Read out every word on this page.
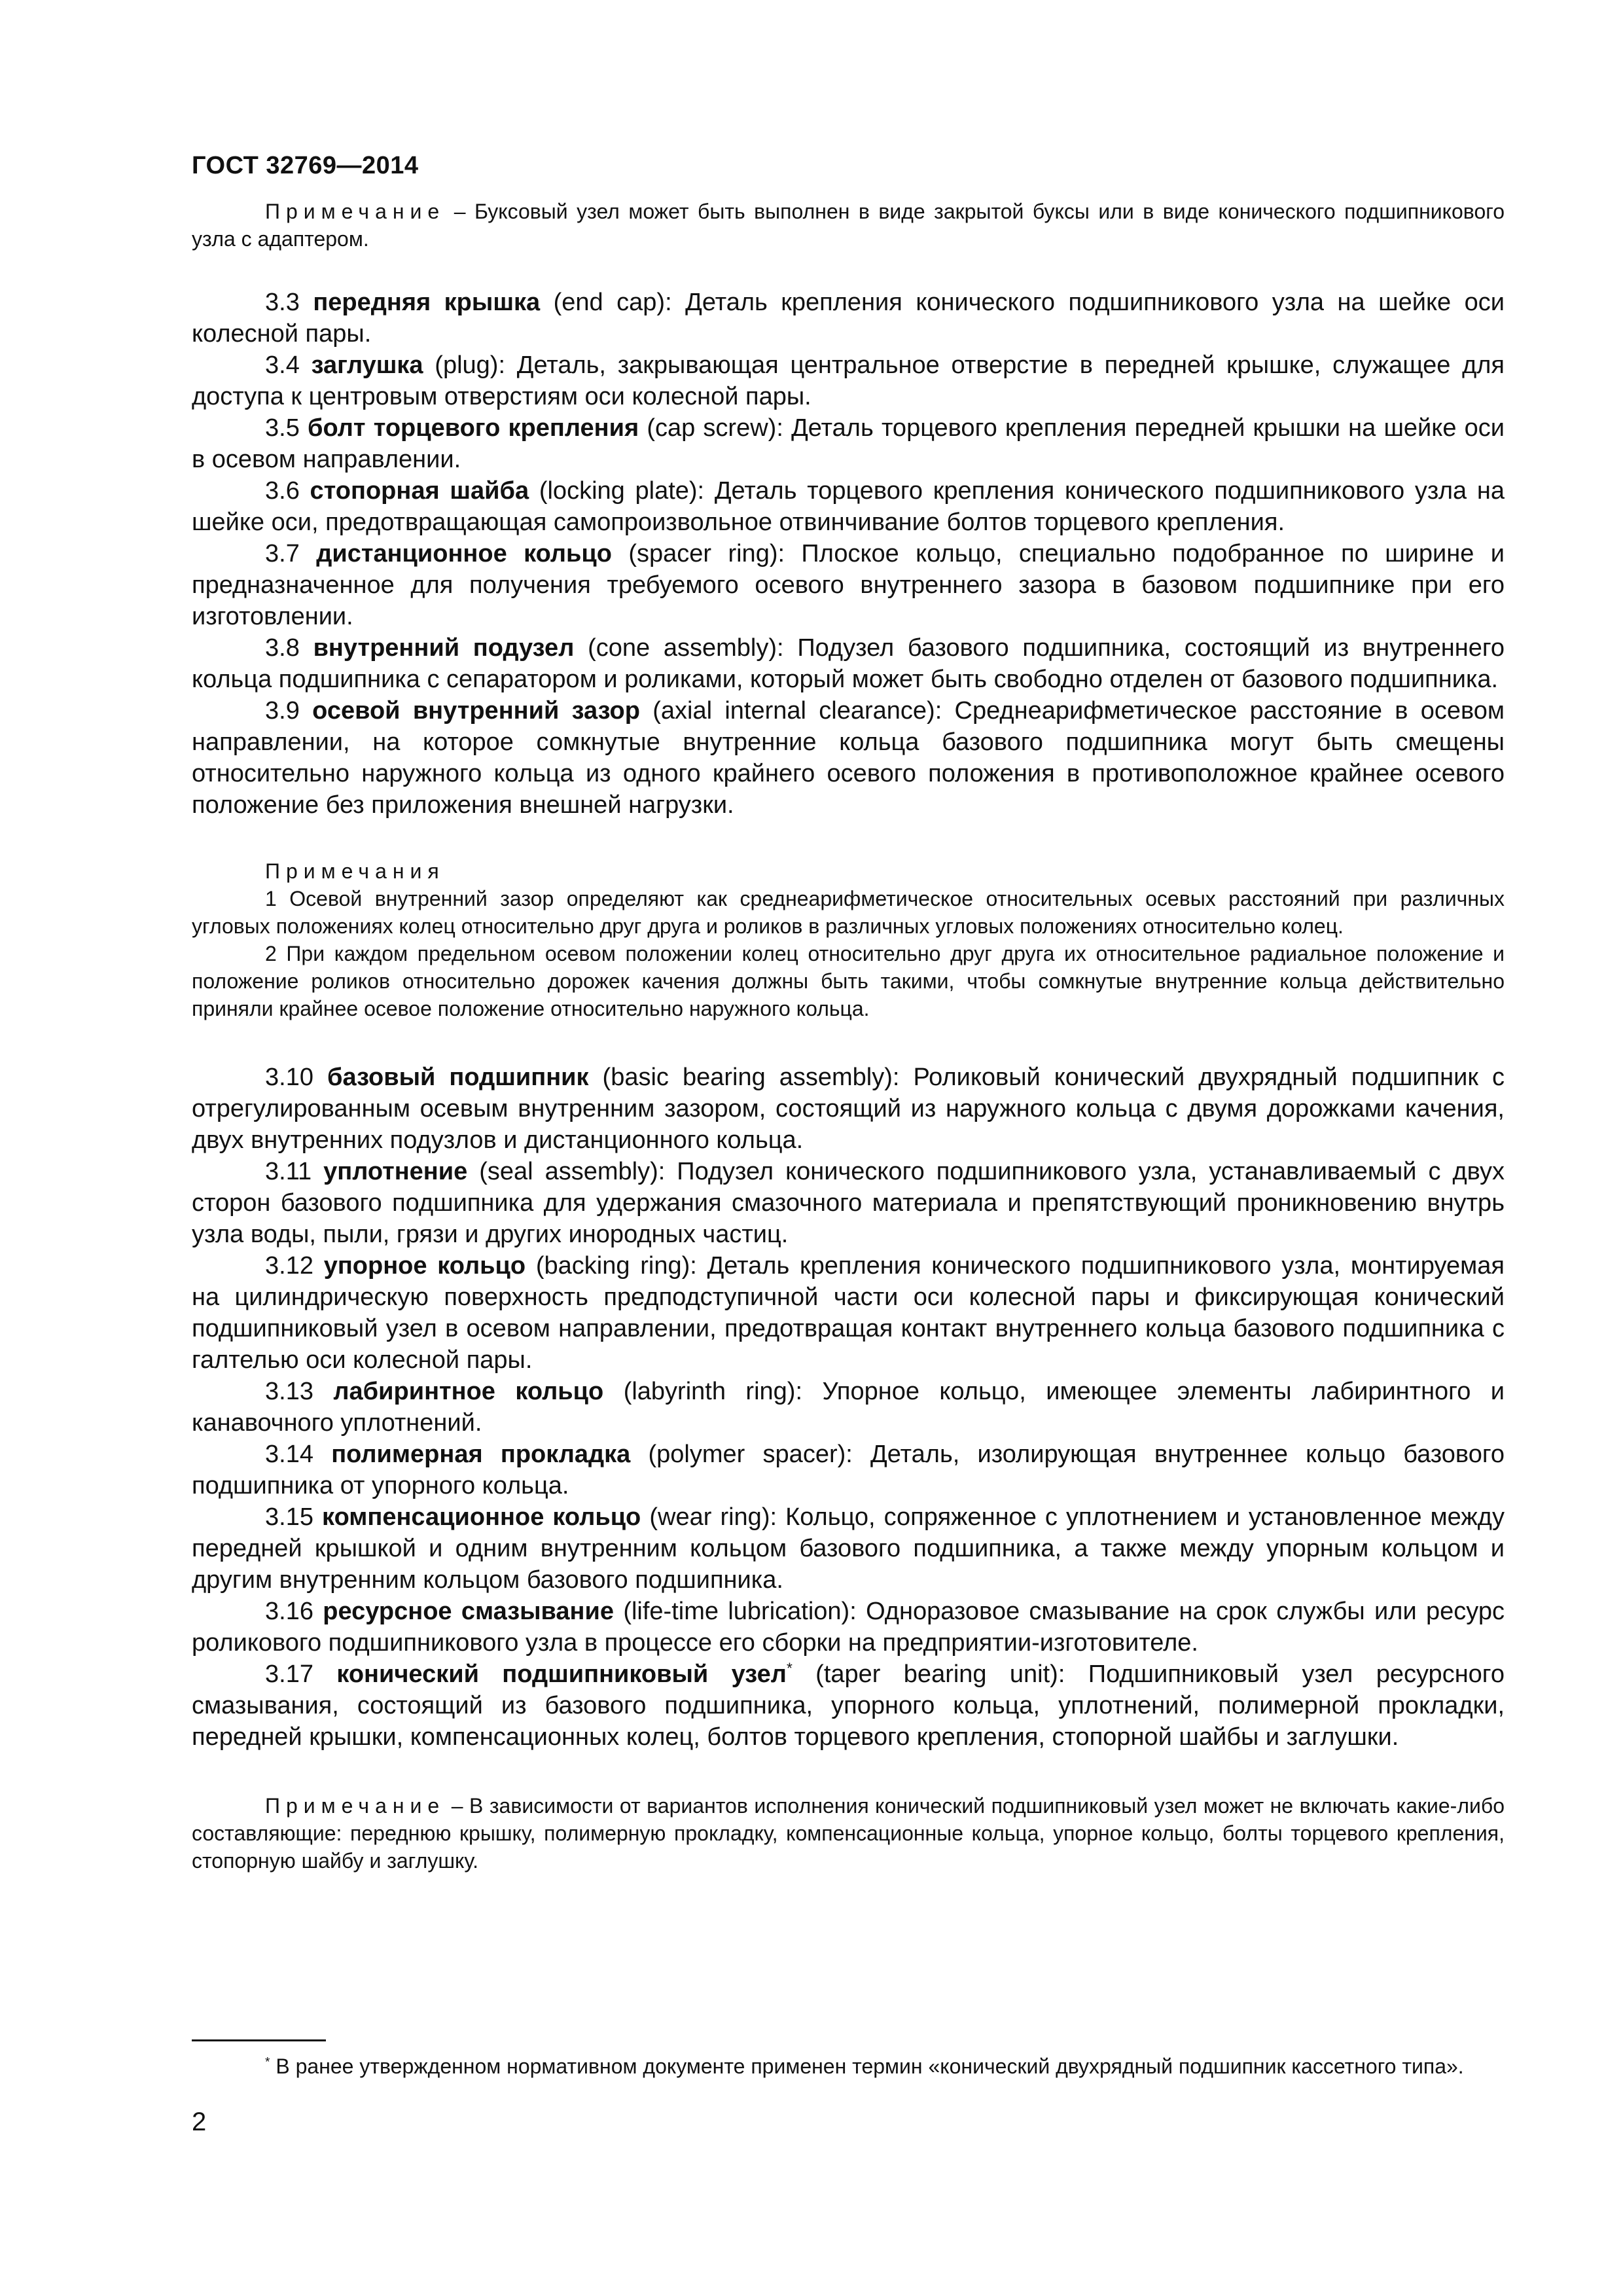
ГОСТ 32769—2014

Примечание – Буксовый узел может быть выполнен в виде закрытой буксы или в виде конического подшипникового узла с адаптером.

3.3 передняя крышка (end cap): Деталь крепления конического подшипникового узла на шейке оси колесной пары.

3.4 заглушка (plug): Деталь, закрывающая центральное отверстие в передней крышке, служащее для доступа к центровым отверстиям оси колесной пары.

3.5 болт торцевого крепления (cap screw): Деталь торцевого крепления передней крышки на шейке оси в осевом направлении.

3.6 стопорная шайба (locking plate): Деталь торцевого крепления конического подшипникового узла на шейке оси, предотвращающая самопроизвольное отвинчивание болтов торцевого крепления.

3.7 дистанционное кольцо (spacer ring): Плоское кольцо, специально подобранное по ширине и предназначенное для получения требуемого осевого внутреннего зазора в базовом подшипнике при его изготовлении.

3.8 внутренний подузел (cone assembly): Подузел базового подшипника, состоящий из внутреннего кольца подшипника с сепаратором и роликами, который может быть свободно отделен от базового подшипника.

3.9 осевой внутренний зазор (axial internal clearance): Среднеарифметическое расстояние в осевом направлении, на которое сомкнутые внутренние кольца базового подшипника могут быть смещены относительно наружного кольца из одного крайнего осевого положения в противоположное крайнее осевого положение без приложения внешней нагрузки.

Примечания

1 Осевой внутренний зазор определяют как среднеарифметическое относительных осевых расстояний при различных угловых положениях колец относительно друг друга и роликов в различных угловых положениях относительно колец.

2 При каждом предельном осевом положении колец относительно друг друга их относительное радиальное положение и положение роликов относительно дорожек качения должны быть такими, чтобы сомкнутые внутренние кольца действительно приняли крайнее осевое положение относительно наружного кольца.

3.10 базовый подшипник (basic bearing assembly): Роликовый конический двухрядный подшипник с отрегулированным осевым внутренним зазором, состоящий из наружного кольца с двумя дорожками качения, двух внутренних подузлов и дистанционного кольца.

3.11 уплотнение (seal assembly): Подузел конического подшипникового узла, устанавливаемый с двух сторон базового подшипника для удержания смазочного материала и препятствующий проникновению внутрь узла воды, пыли, грязи и других инородных частиц.

3.12 упорное кольцо (backing ring): Деталь крепления конического подшипникового узла, монтируемая на цилиндрическую поверхность предподступичной части оси колесной пары и фиксирующая конический подшипниковый узел в осевом направлении, предотвращая контакт внутреннего кольца базового подшипника с галтелью оси колесной пары.

3.13 лабиринтное кольцо (labyrinth ring): Упорное кольцо, имеющее элементы лабиринтного и канавочного уплотнений.

3.14 полимерная прокладка (polymer spacer): Деталь, изолирующая внутреннее кольцо базового подшипника от упорного кольца.

3.15 компенсационное кольцо (wear ring): Кольцо, сопряженное с уплотнением и установленное между передней крышкой и одним внутренним кольцом базового подшипника, а также между упорным кольцом и другим внутренним кольцом базового подшипника.

3.16 ресурсное смазывание (life-time lubrication): Одноразовое смазывание на срок службы или ресурс роликового подшипникового узла в процессе его сборки на предприятии-изготовителе.

3.17 конический подшипниковый узел* (taper bearing unit): Подшипниковый узел ресурсного смазывания, состоящий из базового подшипника, упорного кольца, уплотнений, полимерной прокладки, передней крышки, компенсационных колец, болтов торцевого крепления, стопорной шайбы и заглушки.

Примечание – В зависимости от вариантов исполнения конический подшипниковый узел может не включать какие-либо составляющие: переднюю крышку, полимерную прокладку, компенсационные кольца, упорное кольцо, болты торцевого крепления, стопорную шайбу и заглушку.

* В ранее утвержденном нормативном документе применен термин «конический двухрядный подшипник кассетного типа».

2
